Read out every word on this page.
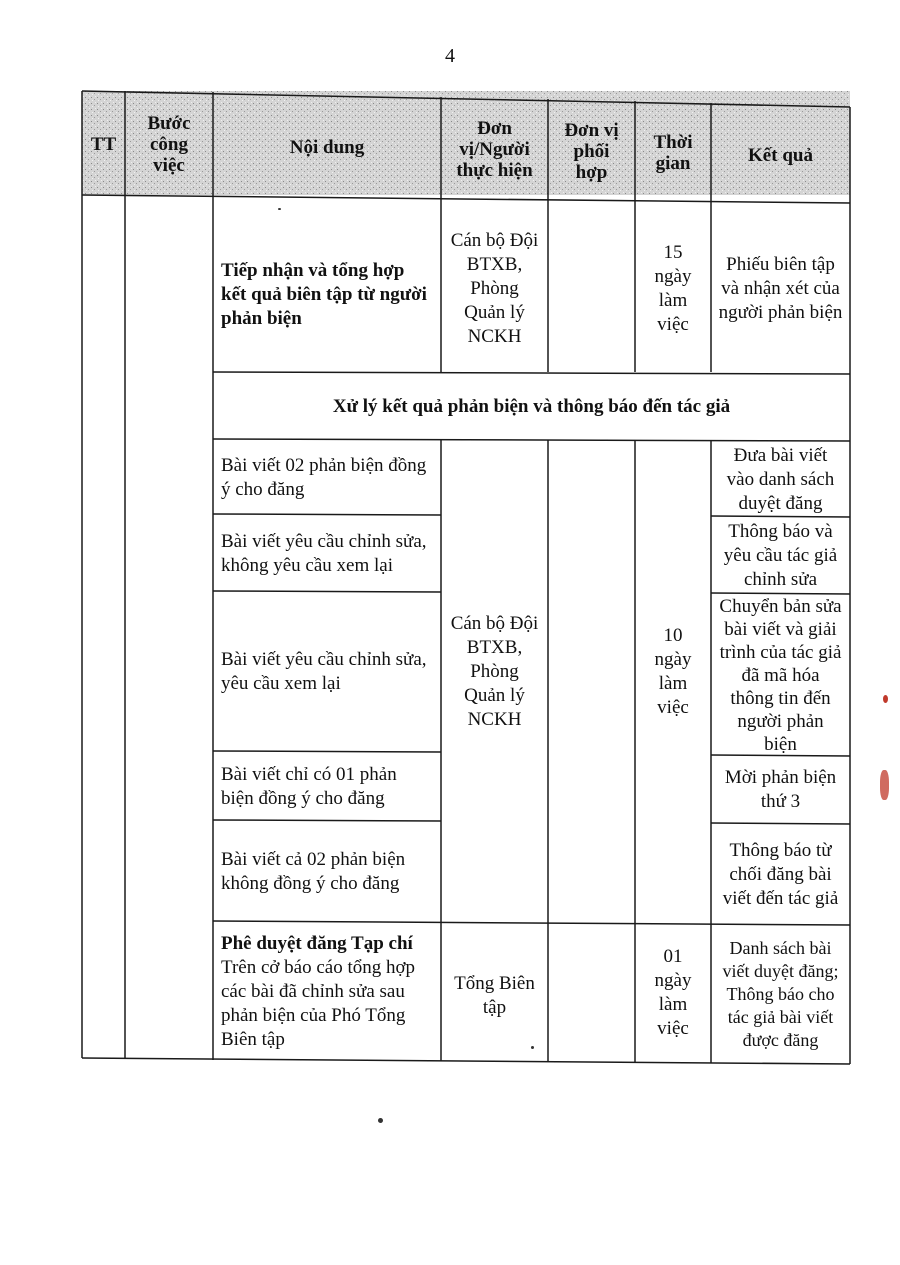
4
TT
Bước
công
việc
Nội dung
Đơn
vị/Người
thực hiện
Đơn vị
phối
hợp
Thời
gian	Kết quả
Tiếp nhận và tổng hợp
kết quả biên tập từ người
phản biện
Cán bộ Đội
BTXB,
Phòng
Quản lý
NCKH
15
ngày
làm
việc
Phiếu biên tập
và nhận xét của
người phản biện
Xử lý kết quả phản biện và thông báo đến tác giả
Cán bộ Đội
BTXB,
Phòng
Quản lý
NCKH
10
ngày
làm
việc
Bài viết 02 phản biện đồng
ý cho đăng
Đưa bài viết
vào danh sách
duyệt đăng
Bài viết yêu cầu chỉnh sửa,
không yêu cầu xem lại
Thông báo và
yêu cầu tác giả
chỉnh sửa
Bài viết yêu cầu chỉnh sửa,
yêu cầu xem lại
Chuyển bản sửa
bài viết và giải
trình của tác giả
đã mã hóa
thông tin đến
người phản
biện
Bài viết chỉ có 01 phản
biện đồng ý cho đăng
Mời phản biện
thứ 3
Bài viết cả 02 phản biện
không đồng ý cho đăng
Thông báo từ
chối đăng bài
viết đến tác giả
Phê duyệt đăng Tạp chí
Trên cở báo cáo tổng hợp
các bài đã chỉnh sửa sau
phản biện của Phó Tổng
Biên tập
Tổng Biên
tập
01
ngày
làm
việc
Danh sách bài
viết duyệt đăng;
Thông báo cho
tác giả bài viết
được đăng
